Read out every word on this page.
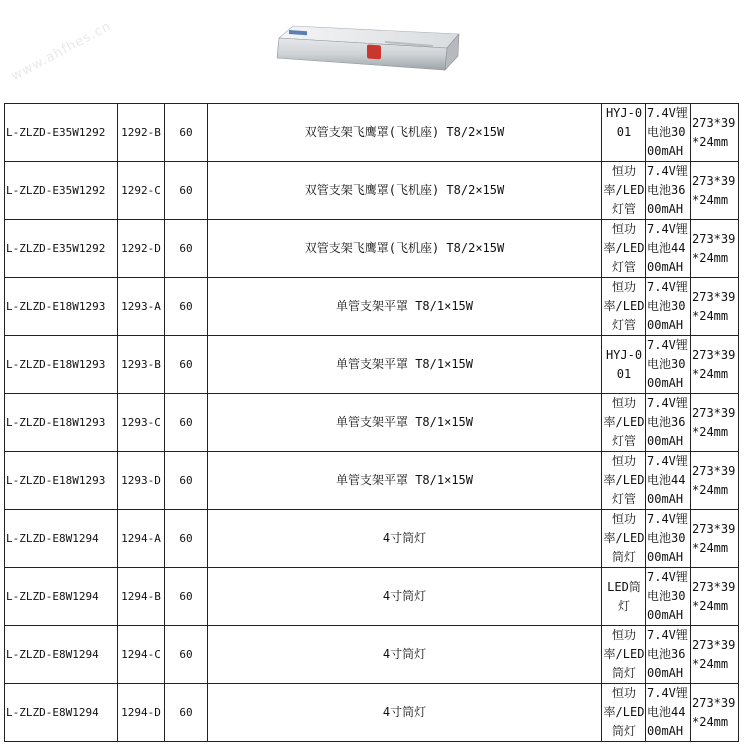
www.ahfhes.cn
L-ZLZD-E35W1292	1292-B	60	双管支架飞鹰罩(飞机座) T8/2×15W	HYJ-001	7.4V锂电池3000mAH	273*39*24mm

L-ZLZD-E35W1292	1292-C	60	双管支架飞鹰罩(飞机座) T8/2×15W	恒功率/LED灯管	7.4V锂电池3600mAH	273*39*24mm

L-ZLZD-E35W1292	1292-D	60	双管支架飞鹰罩(飞机座) T8/2×15W	恒功率/LED灯管	7.4V锂电池4400mAH	273*39*24mm

L-ZLZD-E18W1293	1293-A	60	单管支架平罩 T8/1×15W	恒功率/LED灯管	7.4V锂电池3000mAH	273*39*24mm

L-ZLZD-E18W1293	1293-B	60	单管支架平罩 T8/1×15W	HYJ-001	7.4V锂电池3000mAH	273*39*24mm

L-ZLZD-E18W1293	1293-C	60	单管支架平罩 T8/1×15W	恒功率/LED灯管	7.4V锂电池3600mAH	273*39*24mm

L-ZLZD-E18W1293	1293-D	60	单管支架平罩 T8/1×15W	恒功率/LED灯管	7.4V锂电池4400mAH	273*39*24mm

L-ZLZD-E8W1294	1294-A	60	4寸筒灯	恒功率/LED筒灯	7.4V锂电池3000mAH	273*39*24mm

L-ZLZD-E8W1294	1294-B	60	4寸筒灯	LED筒灯	7.4V锂电池3000mAH	273*39*24mm

L-ZLZD-E8W1294	1294-C	60	4寸筒灯	恒功率/LED筒灯	7.4V锂电池3600mAH	273*39*24mm

L-ZLZD-E8W1294	1294-D	60	4寸筒灯	恒功率/LED筒灯	7.4V锂电池4400mAH	273*39*24mm
